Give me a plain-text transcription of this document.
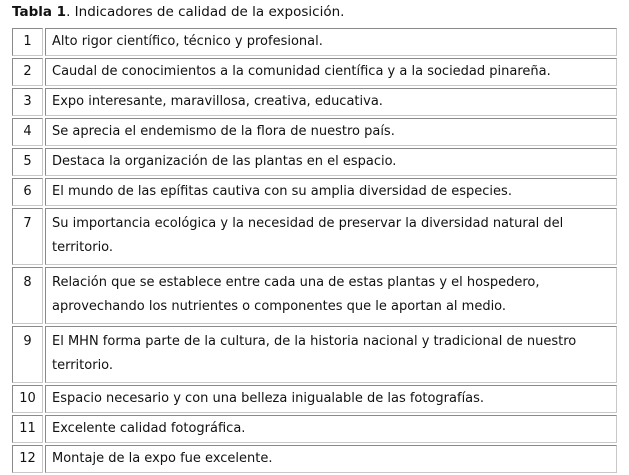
Tabla 1. Indicadores de calidad de la exposición.
1	Alto rigor científico, técnico y profesional.
2	Caudal de conocimientos a la comunidad científica y a la sociedad pinareña.
3	Expo interesante, maravillosa, creativa, educativa.
4	Se aprecia el endemismo de la flora de nuestro país.
5	Destaca la organización de las plantas en el espacio.
6	El mundo de las epífitas cautiva con su amplia diversidad de especies.
7	Su importancia ecológica y la necesidad de preservar la diversidad natural del territorio.
8	Relación que se establece entre cada una de estas plantas y el hospedero, aprovechando los nutrientes o componentes que le aportan al medio.
9	El MHN forma parte de la cultura, de la historia nacional y tradicional de nuestro territorio.
10	Espacio necesario y con una belleza inigualable de las fotografías.
11	Excelente calidad fotográfica.
12	Montaje de la expo fue excelente.
